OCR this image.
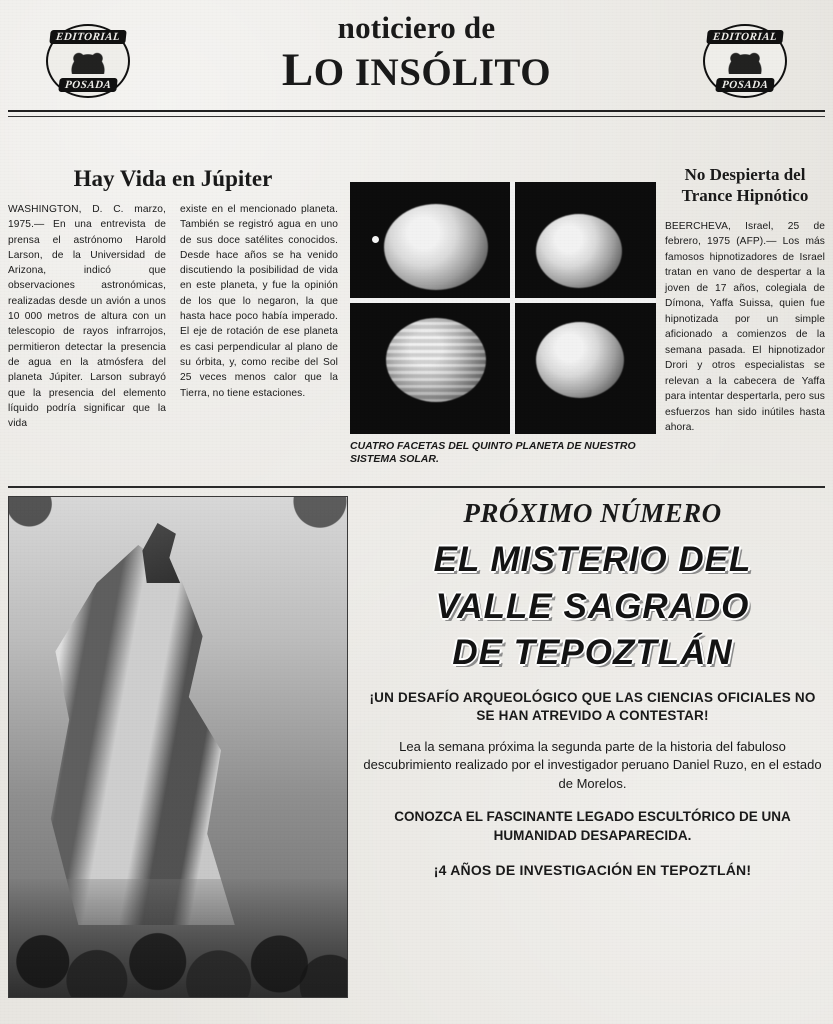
EDITORIAL
POSADA
noticiero de
LO INSÓLITO
EDITORIAL
POSADA
Hay Vida en Júpiter
WASHINGTON, D. C. marzo, 1975.— En una entrevista de prensa el astrónomo Harold Larson, de la Universidad de Arizona, indicó que observaciones astronómicas, realizadas desde un avión a unos 10 000 metros de altura con un telescopio de rayos infrarrojos, permitieron detectar la presencia de agua en la atmósfera del planeta Júpiter. Larson subrayó que la presencia del elemento líquido podría significar que la vida
existe en el mencionado planeta. También se registró agua en uno de sus doce satélites conocidos. Desde hace años se ha venido discutiendo la posibilidad de vida en este planeta, y fue la opinión de los que lo negaron, la que hasta hace poco había imperado. El eje de rotación de ese planeta es casi perpendicular al plano de su órbita, y, como recibe del Sol 25 veces menos calor que la Tierra, no tiene estaciones.
CUATRO FACETAS DEL QUINTO PLANETA DE NUESTRO SISTEMA SOLAR.
No Despierta del
Trance Hipnótico
BEERCHEVA, Israel, 25 de febrero, 1975 (AFP).— Los más famosos hipnotizadores de Israel tratan en vano de despertar a la joven de 17 años, colegiala de Dímona, Yaffa Suissa, quien fue hipnotizada por un simple aficionado a comienzos de la semana pasada. El hipnotizador Drori y otros especialistas se relevan a la cabecera de Yaffa para intentar despertarla, pero sus esfuerzos han sido inútiles hasta ahora.
PRÓXIMO NÚMERO
EL MISTERIO DEL
VALLE SAGRADO
DE TEPOZTLÁN
¡UN DESAFÍO ARQUEOLÓGICO QUE LAS CIENCIAS OFICIALES NO SE HAN ATREVIDO A CONTESTAR!
Lea la semana próxima la segunda parte de la historia del fabuloso descubrimiento realizado por el investigador peruano Daniel Ruzo, en el estado de Morelos.
CONOZCA EL FASCINANTE LEGADO ESCULTÓRICO DE UNA HUMANIDAD DESAPARECIDA.
¡4 AÑOS DE INVESTIGACIÓN EN TEPOZTLÁN!
